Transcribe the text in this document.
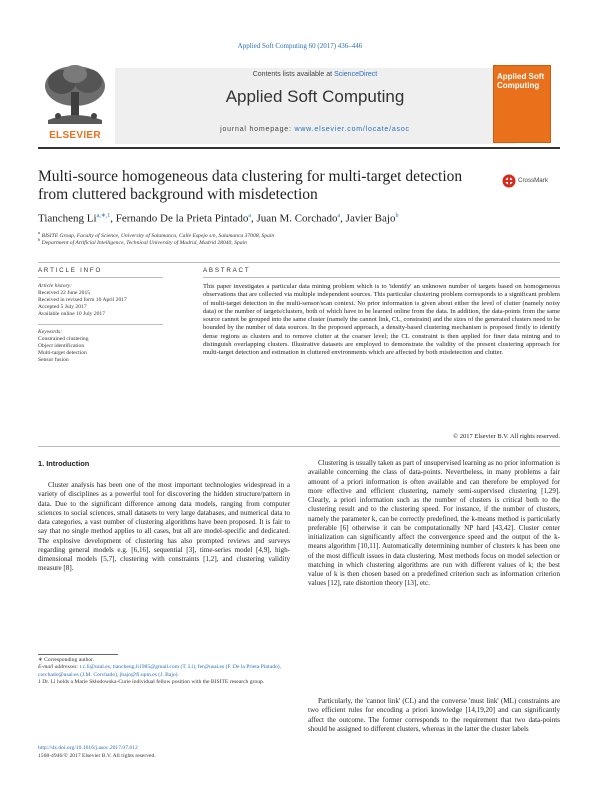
Applied Soft Computing 60 (2017) 436–446
ELSEVIER
Contents lists available at ScienceDirect
Applied Soft Computing
journal homepage: www.elsevier.com/locate/asoc
Applied Soft Computing
Multi-source homogeneous data clustering for multi-target detection from cluttered background with misdetection
CrossMark
Tiancheng $Li^{a,∗,1}$, Fernando De la Prieta Pintado$^a$, Juan M. Corchado$^a$, Javier Bajo$^b$
$^a$ BISITE Group, Faculty of Science, University of Salamanca, Calle Espejo s/n, Salamanca 37008, Spain
$^b$ Department of Artificial Intelligence, Technical University of Madrid, Madrid 28040, Spain
ARTICLE INFO	ABSTRACT
Article history:
Received 22 June 2015
Received in revised form 10 April 2017
Accepted 5 July 2017
Available online 10 July 2017
Keywords:
Constrained clustering
Object identification
Multi-target detection
Sensor fusion
This paper investigates a particular data mining problem which is to 'identify' an unknown number of targets based on homogeneous observations that are collected via multiple independent sources. This particular clustering problem corresponds to a significant problem of multi-target detection in the multi-sensor/scan context. No prior information is given about either the level of clutter (namely noisy data) or the number of targets/clusters, both of which have to be learned online from the data. In addition, the data-points from the same source cannot be grouped into the same cluster (namely the cannot link, CL, constraint) and the sizes of the generated clusters need to be bounded by the number of data sources. In the proposed approach, a density-based clustering mechanism is proposed firstly to identify dense regions as clusters and to remove clutter at the coarser level; the CL constraint is then applied for finer data mining and to distinguish overlapping clusters. Illustrative datasets are employed to demonstrate the validity of the present clustering approach for multi-target detection and estimation in cluttered environments which are affected by both misdetection and clutter.
© 2017 Elsevier B.V. All rights reserved.
1. Introduction
Cluster analysis has been one of the most important technologies widespread in a variety of disciplines as a powerful tool for discovering the hidden structure/pattern in data. Due to the significant difference among data models, ranging from computer sciences to social sciences, small datasets to very large databases, and numerical data to data categories, a vast number of clustering algorithms have been proposed. It is fair to say that no single method applies to all cases, but all are model-specific and dedicated. The explosive development of clustering has also prompted reviews and surveys regarding general models e.g. [6,16], sequential [3], time-series model [4,9], high-dimensional models [5,7], clustering with constraints [1,2], and clustering validity measure [8].
Clustering is usually taken as part of unsupervised learning as no prior information is available concerning the class of data-points. Nevertheless, in many problems a fair amount of a priori information is often available and can therefore be employed for more effective and efficient clustering, namely semi-supervised clustering [1,29]. Clearly, a priori information such as the number of clusters is critical both to the clustering result and to the clustering speed. For instance, if the number of clusters, namely the parameter k, can be correctly predefined, the k-means method is particularly preferable [6] otherwise it can be computationally NP hard [43,42]. Cluster center initialization can significantly affect the convergence speed and the output of the k-means algorithm [10,11]. Automatically determining number of clusters k has been one of the most difficult issues in data clustering. Most methods focus on model selection or matching in which clustering algorithms are run with different values of k; the best value of k is then chosen based on a predefined criterion such as information criterion values [12], rate distortion theory [13], etc.
Particularly, the 'cannot link' (CL) and the converse 'must link' (ML) constraints are two efficient rules for encoding a priori knowledge [14,19,20] and can significantly affect the outcome. The former corresponds to the requirement that two data-points should be assigned to different clusters, whereas in the latter the cluster labels
∗ Corresponding author.
E-mail addresses: t.c.li@usal.es, tiancheng.li1985@gmail.com (T. Li), fer@usal.es (F. De la Prieta Pintado), corchado@usal.es (J.M. Corchado), jbajo@fi.upm.es (J. Bajo).
1 Dr. Li holds a Marie Skłodowska-Curie individual fellow position with the BISITE research group.
http://dx.doi.org/10.1016/j.asoc.2017.07.012
1568-4946/© 2017 Elsevier B.V. All rights reserved.
